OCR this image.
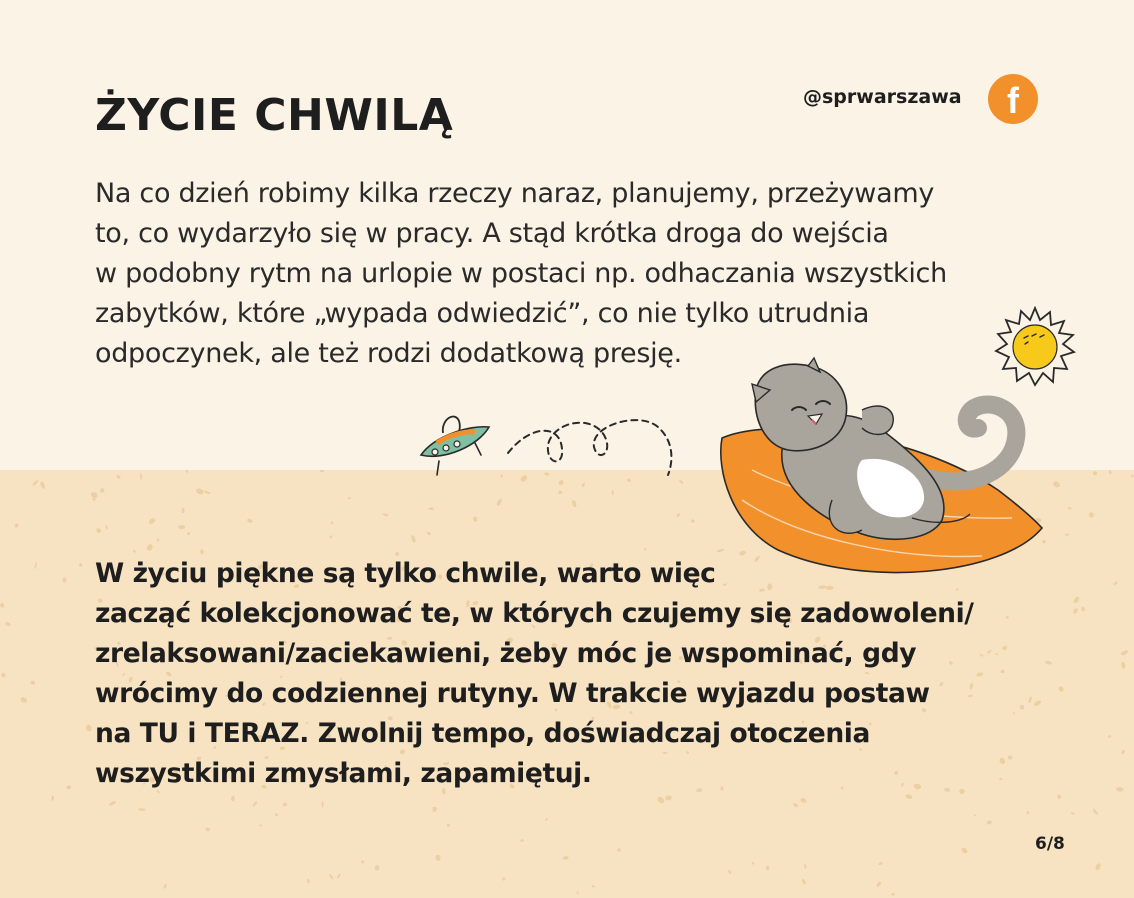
ŻYCIE CHWILĄ	@sprwarszawa	f
Na co dzień robimy kilka rzeczy naraz, planujemy, przeżywamy
to, co wydarzyło się w pracy. A stąd krótka droga do wejścia
w podobny rytm na urlopie w postaci np. odhaczania wszystkich
zabytków, które „wypada odwiedzić”, co nie tylko utrudnia
odpoczynek, ale też rodzi dodatkową presję.
W życiu piękne są tylko chwile, warto więc
zacząć kolekcjonować te, w których czujemy się zadowoleni/
zrelaksowani/zaciekawieni, żeby móc je wspominać, gdy
wrócimy do codziennej rutyny. W trakcie wyjazdu postaw
na TU i TERAZ. Zwolnij tempo, doświadczaj otoczenia
wszystkimi zmysłami, zapamiętuj.
6/8
